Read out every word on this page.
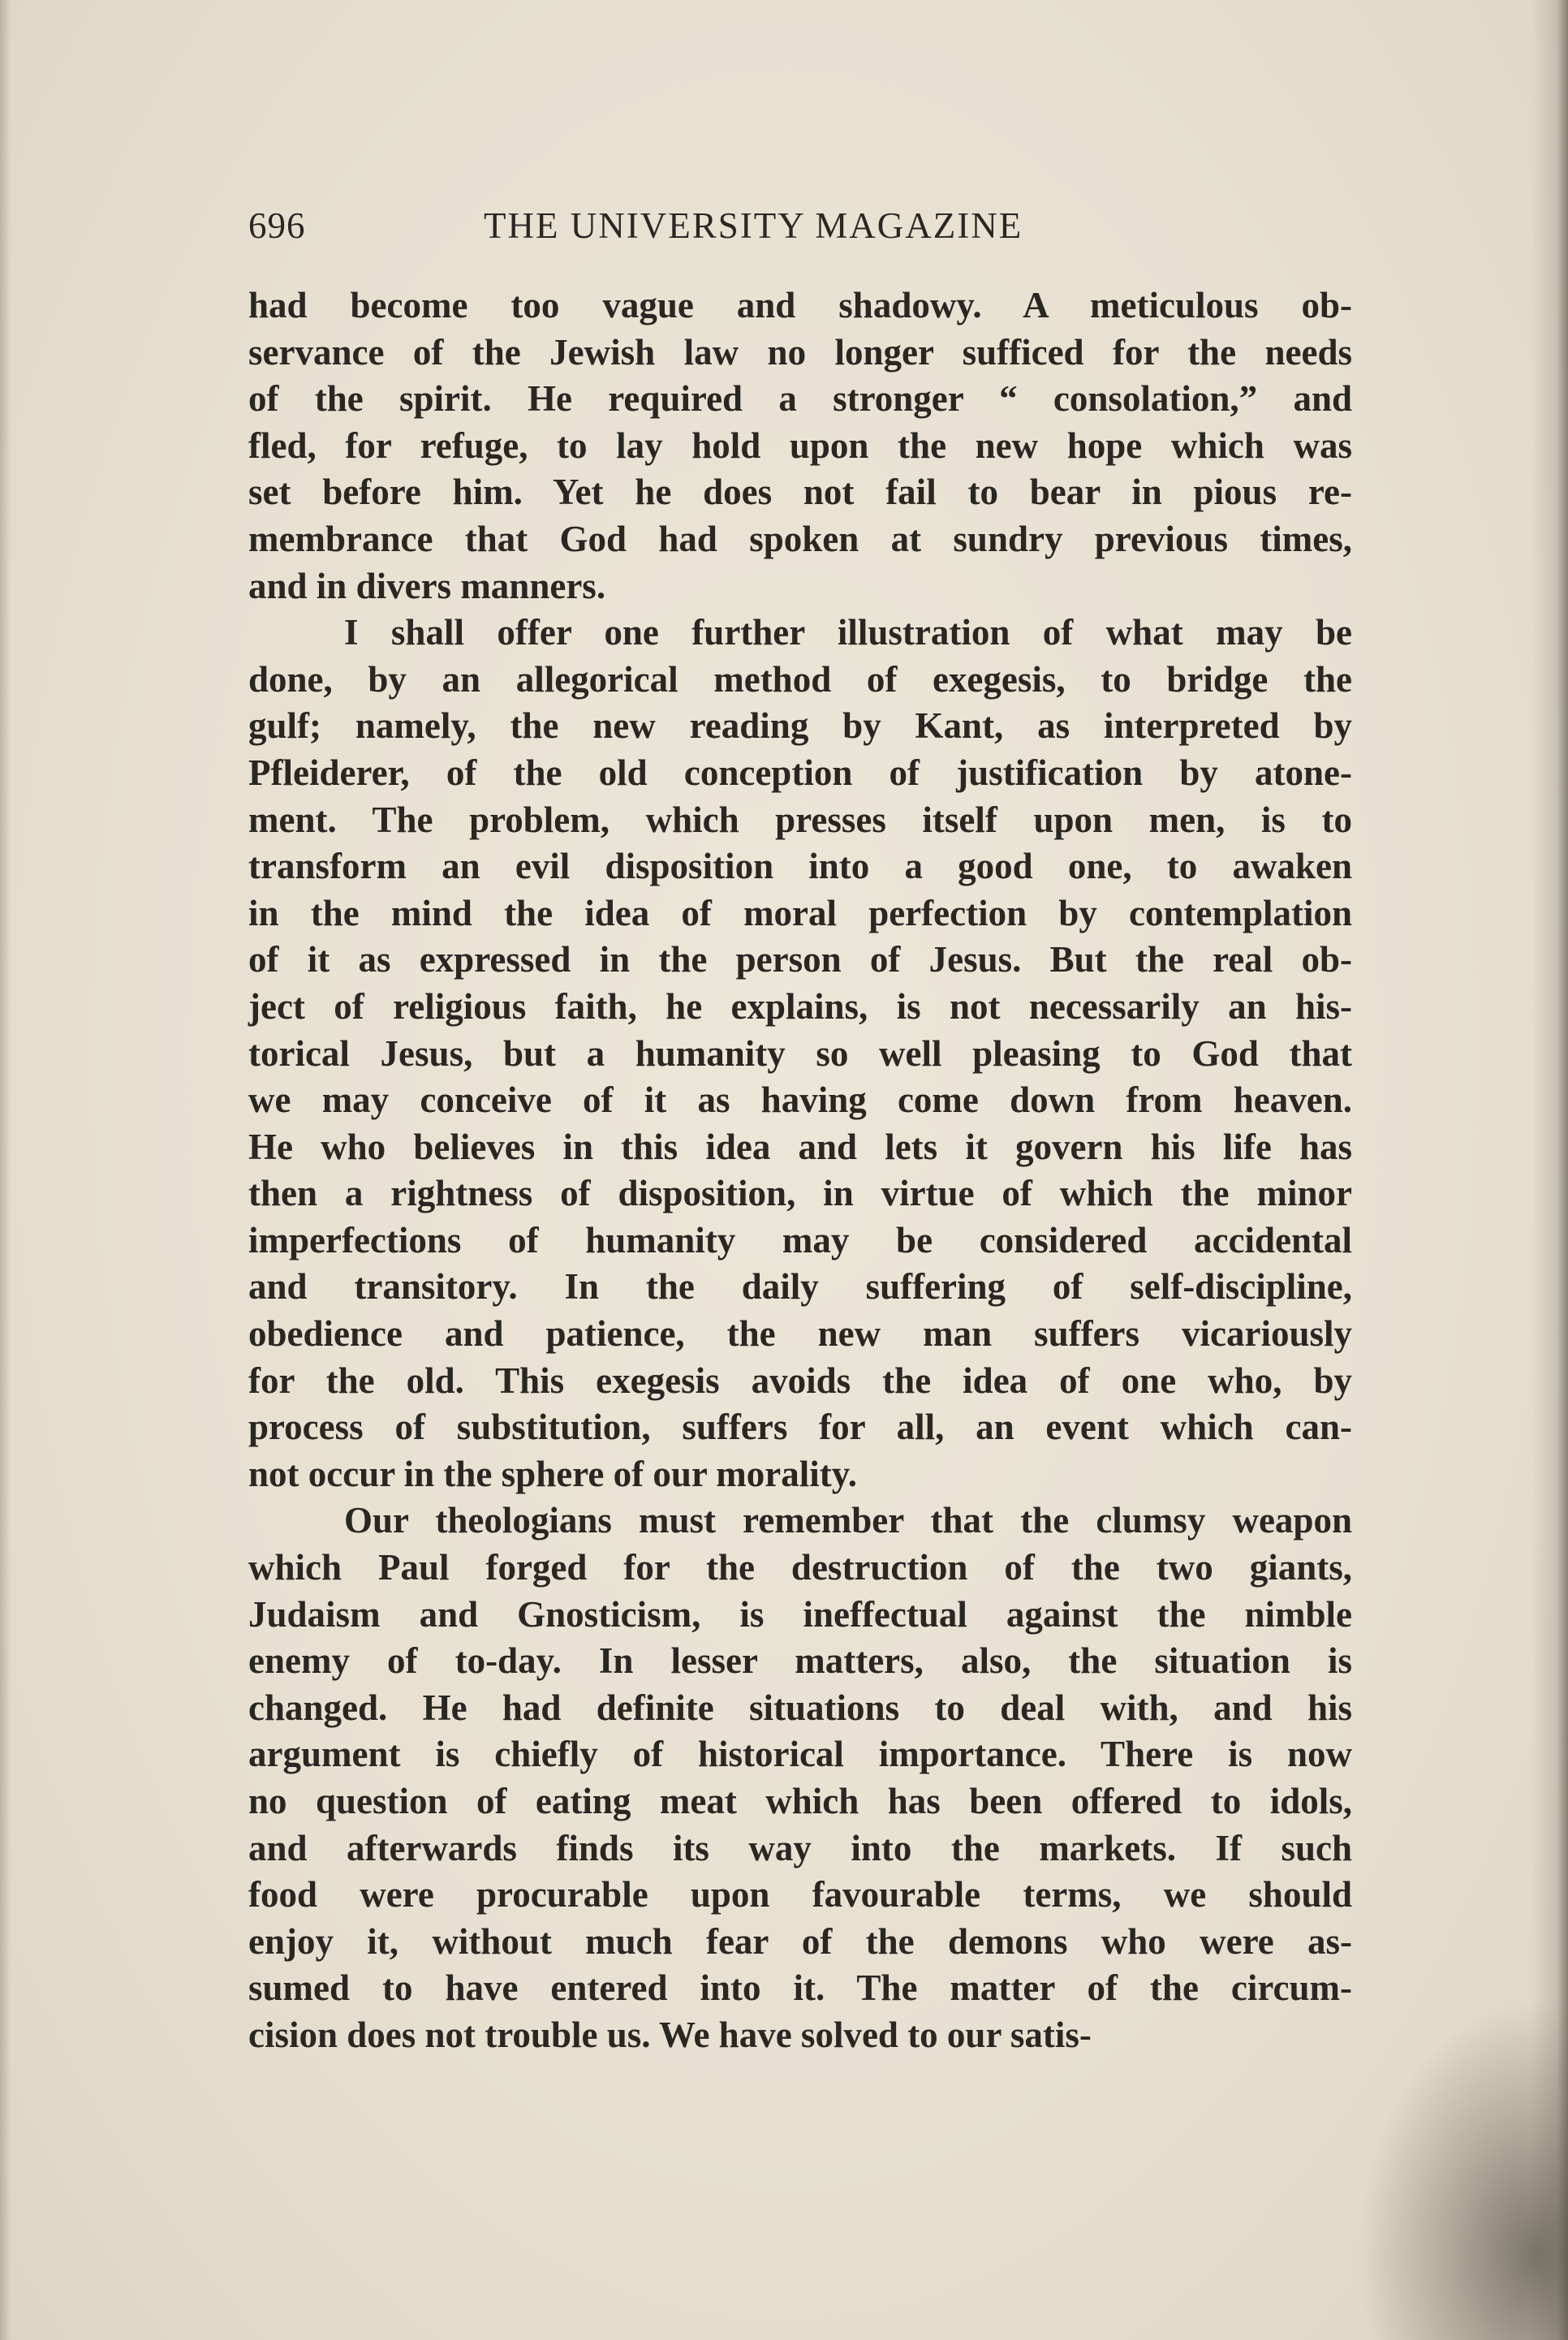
696	THE UNIVERSITY MAGAZINE
had become too vague and shadowy. A meticulous ob-
servance of the Jewish law no longer sufficed for the needs
of the spirit. He required a stronger “ consolation,” and
fled, for refuge, to lay hold upon the new hope which was
set before him. Yet he does not fail to bear in pious re-
membrance that God had spoken at sundry previous times,
and in divers manners.
I shall offer one further illustration of what may be
done, by an allegorical method of exegesis, to bridge the
gulf; namely, the new reading by Kant, as interpreted by
Pfleiderer, of the old conception of justification by atone-
ment. The problem, which presses itself upon men, is to
transform an evil disposition into a good one, to awaken
in the mind the idea of moral perfection by contemplation
of it as expressed in the person of Jesus. But the real ob-
ject of religious faith, he explains, is not necessarily an his-
torical Jesus, but a humanity so well pleasing to God that
we may conceive of it as having come down from heaven.
He who believes in this idea and lets it govern his life has
then a rightness of disposition, in virtue of which the minor
imperfections of humanity may be considered accidental
and transitory. In the daily suffering of self-discipline,
obedience and patience, the new man suffers vicariously
for the old. This exegesis avoids the idea of one who, by
process of substitution, suffers for all, an event which can-
not occur in the sphere of our morality.
Our theologians must remember that the clumsy weapon
which Paul forged for the destruction of the two giants,
Judaism and Gnosticism, is ineffectual against the nimble
enemy of to-day. In lesser matters, also, the situation is
changed. He had definite situations to deal with, and his
argument is chiefly of historical importance. There is now
no question of eating meat which has been offered to idols,
and afterwards finds its way into the markets. If such
food were procurable upon favourable terms, we should
enjoy it, without much fear of the demons who were as-
sumed to have entered into it. The matter of the circum-
cision does not trouble us. We have solved to our satis-
